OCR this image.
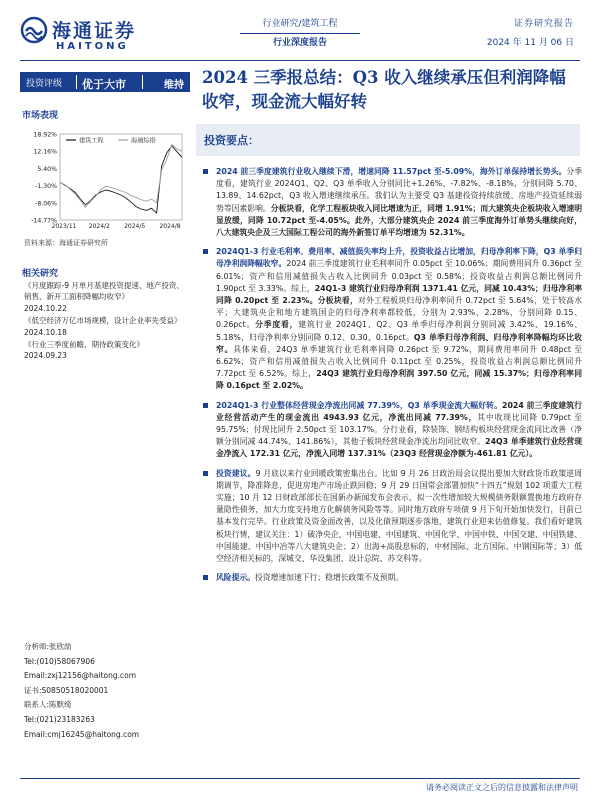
海通证券
HAITONG
行业研究/建筑工程
行业深度报告
证券研究报告
2024 年 11 月 06 日
投资评级 优于大市	维持
市场表现
18.92%
12.16%
5.40%
-1.30%
-8.06%
-14.77%
2023/11 2024/2 2024/5 2024/8
建筑工程	海通综指
资料来源：海通证券研究所
相关研究
《月度跟踪-9 月单月基建投资提速、地产投资、销售、新开工面积降幅均收窄》
2024.10.22
《低空经济万亿市场规模，设计企业率先受益》
2024.10.18
《行业三季度前瞻，期待政策变化》
2024.09.23
分析师:张欣劼
Tel:(010)58067906
Email:zxj12156@haitong.com
证书:S0850518020001
联系人:陈默绮
Tel:(021)23183263
Email:cmj16245@haitong.com
2024 三季报总结：Q3 收入继续承压但利润降幅收窄，现金流大幅好转
投资要点：
2024 前三季度建筑行业收入继续下滑，增速同降 11.57pct 至-5.09%，海外订单保持增长势头。分季度看，建筑行业 2024Q1、Q2、Q3 单季收入分别同比+1.26%、-7.82%、-8.18%，分别同降 5.70、13.89、14.62pct，Q3 收入增速继续承压。我们认为主要受 Q3 基建投资持续放缓、房地产投资延续弱势等因素影响。分板块看，化学工程板块收入同比增速为正，同增 1.91%；而大建筑央企板块收入增速明显放缓，同降 10.72pct 至-4.05%。此外，大部分建筑央企 2024 前三季度海外订单势头继续向好，八大建筑央企及三大国际工程公司的海外新签订单平均增速为 52.31%。
2024Q1-3 行业毛利率、费用率、减值损失率均上升，投资收益占比增加，归母净利率下降，Q3 单季归母净利润降幅收窄。2024 前三季度建筑行业毛利率同升 0.05pct 至 10.06%；期间费用同升 0.36pct 至 6.01%；资产和信用减值损失占收入比例同升 0.03pct 至 0.58%；投资收益占利润总额比例同升 1.90pct 至 3.33%。综上，24Q1-3 建筑行业归母净利润 1371.41 亿元，同减 10.43%；归母净利率同降 0.20pct 至 2.23%。分板块看，对外工程板块归母净利率同升 0.72pct 至 5.64%，处于较高水平；大建筑央企和地方建筑国企的归母净利率都较低，分别为 2.93%、2.28%，分别同降 0.15、0.26pct。分季度看，建筑行业 2024Q1、Q2、Q3 单季归母净利润分别同减 3.42%、19.16%、5.18%，归母净利率分别同降 0.12、0.30、0.16pct。Q3 单季归母净利润、归母净利率降幅均环比收窄。具体来看，24Q3 单季建筑行业毛利率同降 0.26pct 至 9.72%，期间费用率同升 0.48pct 至 6.62%；资产和信用减值损失占收入比例同升 0.11pct 至 0.25%，投资收益占利润总额比例同升 7.72pct 至 6.52%。综上，24Q3 建筑行业归母净利润 397.50 亿元，同减 15.37%；归母净利率同降 0.16pct 至 2.02%。
2024Q1-3 行业整体经营现金净流出同减 77.39%，Q3 单季现金流大幅好转。2024 前三季度建筑行业经营活动产生的现金流出 4943.93 亿元，净流出同减 77.39%，其中收现比同降 0.79pct 至 95.75%；付现比同升 2.50pct 至 103.17%。分行业看，除装饰、钢结构板块经营现金流同比改善（净额分别同减 44.74%、141.86%），其他子板块经营现金净流出均同比收窄。24Q3 单季建筑行业经营现金净流入 172.31 亿元，净流入同增 137.31%（23Q3 经营现金净额为-461.81 亿元）。
投资建议。9 月底以来行业回暖政策密集出台。比如 9 月 26 日政治局会议提出要加大财政货币政策逆周期调节，降准降息，促进房地产市场止跌回稳；9 月 29 日国常会部署加快“十四五”规划 102 项重大工程实施；10 月 12 日财政部部长在国新办新闻发布会表示，拟一次性增加较大规模债务限额置换地方政府存量隐性债务，加大力度支持地方化解债务风险等等。同时地方政府专项债 9 月下旬开始加快发行，目前已基本发行完毕。行业政策及资金面改善，以及化债预期逐步落地，建筑行业迎来估值修复。我们看好建筑板块行情，建议关注：1）破净央企，中国电建、中国建筑、中国化学、中国中铁、中国交建、中国铁建、中国能建、中国中冶等八大建筑央企；2）出海+高股息标的，中材国际、北方国际、中钢国际等；3）低空经济相关标的，深城交、华设集团、设计总院、苏交科等。
风险提示。投资增速加速下行；稳增长政策不及预期。
请务必阅读正文之后的信息披露和法律声明
